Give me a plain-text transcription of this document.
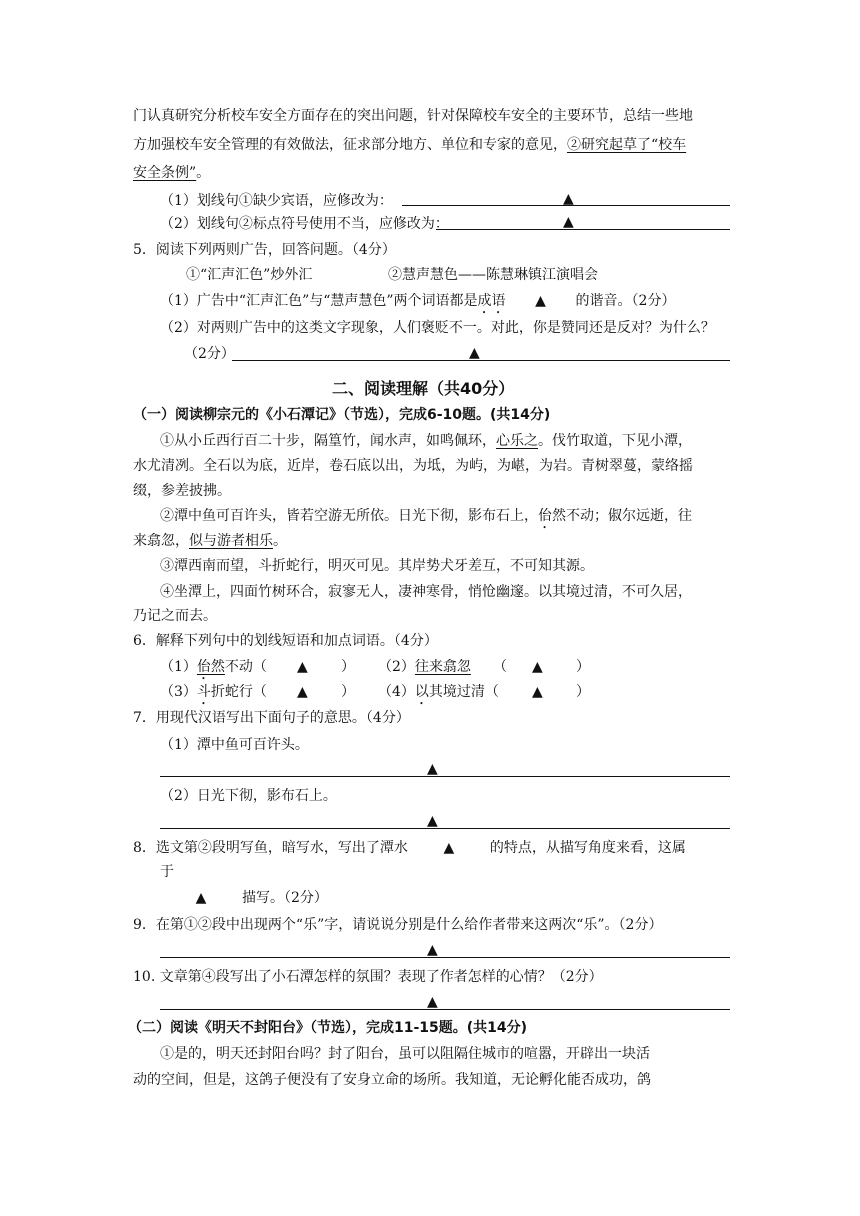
门认真研究分析校车安全方面存在的突出问题，针对保障校车安全的主要环节，总结一些地
方加强校车安全管理的有效做法，征求部分地方、单位和专家的意见，②研究起草了“校车
安全条例”。
（1）划线句①缺少宾语，应修改为：	▲
（2）划线句②标点符号使用不当，应修改为：	▲
5．阅读下列两则广告，回答问题。（4分）
①“汇声汇色”炒外汇	②慧声慧色——陈慧琳镇江演唱会
（1）广告中“汇声汇色”与“慧声慧色”两个词语都是成语 ▲ 的谐音。（2分）
（2）对两则广告中的这类文字现象，人们褒贬不一。对此，你是赞同还是反对？为什么？
（2分）	▲
二、阅读理解（共40分）
（一）阅读柳宗元的《小石潭记》（节选），完成6-10题。(共14分)
①从小丘西行百二十步，隔篁竹，闻水声，如鸣佩环，心乐之。伐竹取道，下见小潭，
水尤清冽。全石以为底，近岸，卷石底以出，为坻，为屿，为嵁，为岩。青树翠蔓，蒙络摇
缀，参差披拂。
②潭中鱼可百许头，皆若空游无所依。日光下彻，影布石上，佁然不动；俶尔远逝，往
来翕忽，似与游者相乐。
③潭西南而望，斗折蛇行，明灭可见。其岸势犬牙差互，不可知其源。
④坐潭上，四面竹树环合，寂寥无人，凄神寒骨，悄怆幽邃。以其境过清，不可久居，
乃记之而去。
6．解释下列句中的划线短语和加点词语。（4分）
（1）佁然不动（ ▲ ） （2）往来翕忽 （ ▲ ）
（3）斗折蛇行（ ▲ ） （4）以其境过清（ ▲ ）
7．用现代汉语写出下面句子的意思。（4分）
（1）潭中鱼可百许头。
▲
（2）日光下彻，影布石上。
▲
8．选文第②段明写鱼，暗写水，写出了潭水	▲	的特点，从描写角度来看，这属
于
▲	描写。（2分）
9．在第①②段中出现两个“乐”字，请说说分别是什么给作者带来这两次“乐”。（2分）
▲
10. 文章第④段写出了小石潭怎样的氛围？表现了作者怎样的心情？（2分）
▲
（二）阅读《明天不封阳台》（节选），完成11-15题。(共14分)
①是的，明天还封阳台吗？封了阳台，虽可以阻隔住城市的喧嚣，开辟出一块活
动的空间，但是，这鸽子便没有了安身立命的场所。我知道，无论孵化能否成功，鸽
